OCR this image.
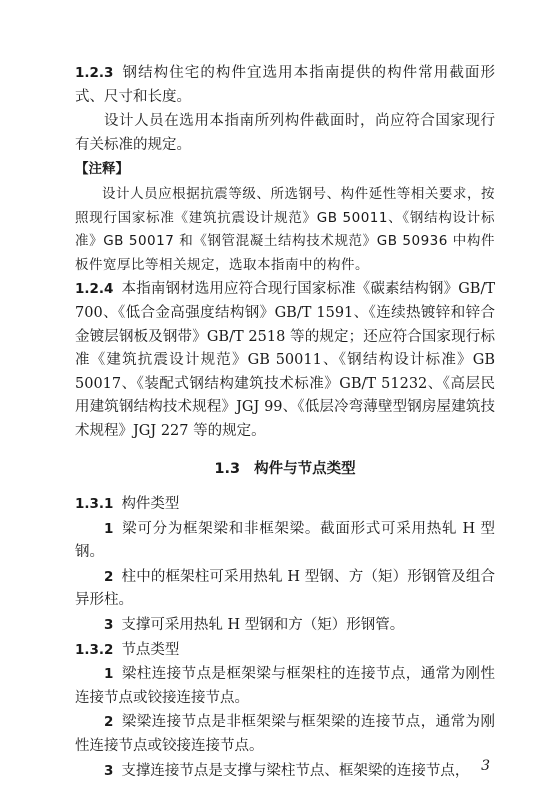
1.2.3 钢结构住宅的构件宜选用本指南提供的构件常用截面形式、尺寸和长度。

设计人员在选用本指南所列构件截面时，尚应符合国家现行有关标准的规定。

【注释】

设计人员应根据抗震等级、所选钢号、构件延性等相关要求，按照现行国家标准《建筑抗震设计规范》GB 50011、《钢结构设计标准》GB 50017 和《钢管混凝土结构技术规范》GB 50936 中构件板件宽厚比等相关规定，选取本指南中的构件。

1.2.4 本指南钢材选用应符合现行国家标准《碳素结构钢》GB/T 700、《低合金高强度结构钢》GB/T 1591、《连续热镀锌和锌合金镀层钢板及钢带》GB/T 2518 等的规定；还应符合国家现行标准《建筑抗震设计规范》GB 50011、《钢结构设计标准》GB 50017、《装配式钢结构建筑技术标准》GB/T 51232、《高层民用建筑钢结构技术规程》JGJ 99、《低层冷弯薄壁型钢房屋建筑技术规程》JGJ 227 等的规定。

1.3 构件与节点类型

1.3.1 构件类型

1 梁可分为框架梁和非框架梁。截面形式可采用热轧 H 型钢。

2 柱中的框架柱可采用热轧 H 型钢、方（矩）形钢管及组合异形柱。

3 支撑可采用热轧 H 型钢和方（矩）形钢管。

1.3.2 节点类型

1 梁柱连接节点是框架梁与框架柱的连接节点，通常为刚性连接节点或铰接连接节点。

2 梁梁连接节点是非框架梁与框架梁的连接节点，通常为刚性连接节点或铰接连接节点。

3 支撑连接节点是支撑与梁柱节点、框架梁的连接节点， 3
